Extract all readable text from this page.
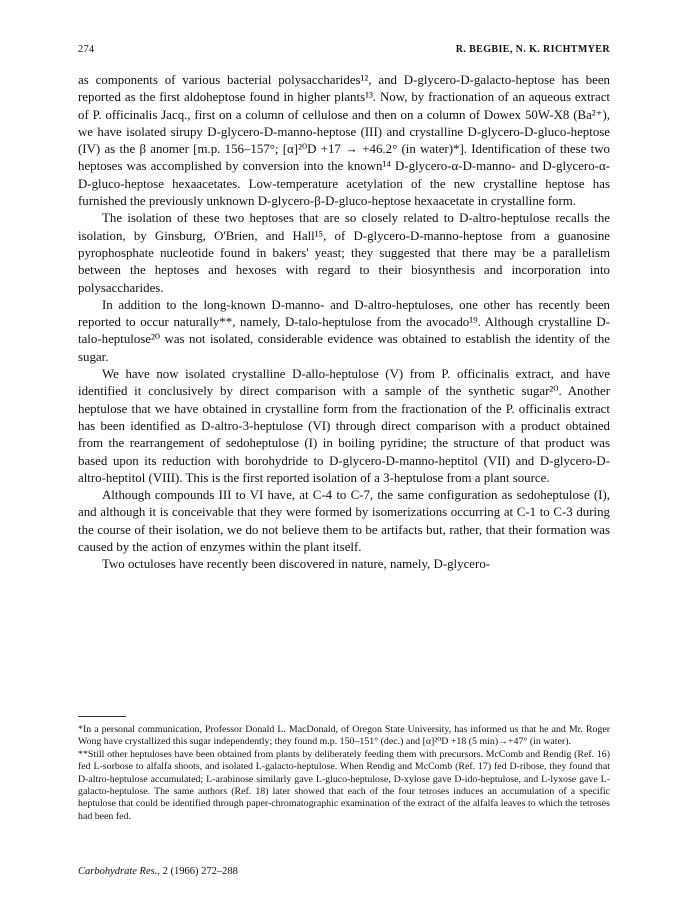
274	R. BEGBIE, N. K. RICHTMYER

as components of various bacterial polysaccharides¹², and D-glycero-D-galacto-heptose has been reported as the first aldoheptose found in higher plants¹³. Now, by fractionation of an aqueous extract of P. officinalis Jacq., first on a column of cellulose and then on a column of Dowex 50W-X8 (Ba²⁺), we have isolated sirupy D-glycero-D-manno-heptose (III) and crystalline D-glycero-D-gluco-heptose (IV) as the β anomer [m.p. 156–157°; [α]²⁰D +17 → +46.2° (in water)*]. Identification of these two heptoses was accomplished by conversion into the known¹⁴ D-glycero-α-D-manno- and D-glycero-α-D-gluco-heptose hexaacetates. Low-temperature acetylation of the new crystalline heptose has furnished the previously unknown D-glycero-β-D-gluco-heptose hexaacetate in crystalline form.

The isolation of these two heptoses that are so closely related to D-altro-heptulose recalls the isolation, by Ginsburg, O'Brien, and Hall¹⁵, of D-glycero-D-manno-heptose from a guanosine pyrophosphate nucleotide found in bakers' yeast; they suggested that there may be a parallelism between the heptoses and hexoses with regard to their biosynthesis and incorporation into polysaccharides.

In addition to the long-known D-manno- and D-altro-heptuloses, one other has recently been reported to occur naturally**, namely, D-talo-heptulose from the avocado¹⁹. Although crystalline D-talo-heptulose²⁰ was not isolated, considerable evidence was obtained to establish the identity of the sugar.

We have now isolated crystalline D-allo-heptulose (V) from P. officinalis extract, and have identified it conclusively by direct comparison with a sample of the synthetic sugar²⁰. Another heptulose that we have obtained in crystalline form from the fractionation of the P. officinalis extract has been identified as D-altro-3-heptulose (VI) through direct comparison with a product obtained from the rearrangement of sedoheptulose (I) in boiling pyridine; the structure of that product was based upon its reduction with borohydride to D-glycero-D-manno-heptitol (VII) and D-glycero-D-altro-heptitol (VIII). This is the first reported isolation of a 3-heptulose from a plant source.

Although compounds III to VI have, at C-4 to C-7, the same configuration as sedoheptulose (I), and although it is conceivable that they were formed by isomerizations occurring at C-1 to C-3 during the course of their isolation, we do not believe them to be artifacts but, rather, that their formation was caused by the action of enzymes within the plant itself.

Two octuloses have recently been discovered in nature, namely, D-glycero-

*In a personal communication, Professor Donald L. MacDonald, of Oregon State University, has informed us that he and Mr. Roger Wong have crystallized this sugar independently; they found m.p. 150–151° (dec.) and [α]²⁰D +18 (5 min)→+47° (in water).

**Still other heptuloses have been obtained from plants by deliberately feeding them with precursors. McComb and Rendig (Ref. 16) fed L-sorbose to alfalfa shoots, and isolated L-galacto-heptulose. When Rendig and McComb (Ref. 17) fed D-ribose, they found that D-altro-heptulose accumulated; L-arabinose similarly gave L-gluco-heptulose, D-xylose gave D-ido-heptulose, and L-lyxose gave L-galacto-heptulose. The same authors (Ref. 18) later showed that each of the four tetroses induces an accumulation of a specific heptulose that could be identified through paper-chromatographic examination of the extract of the alfalfa leaves to which the tetroses had been fed.

Carbohydrate Res., 2 (1966) 272–288
